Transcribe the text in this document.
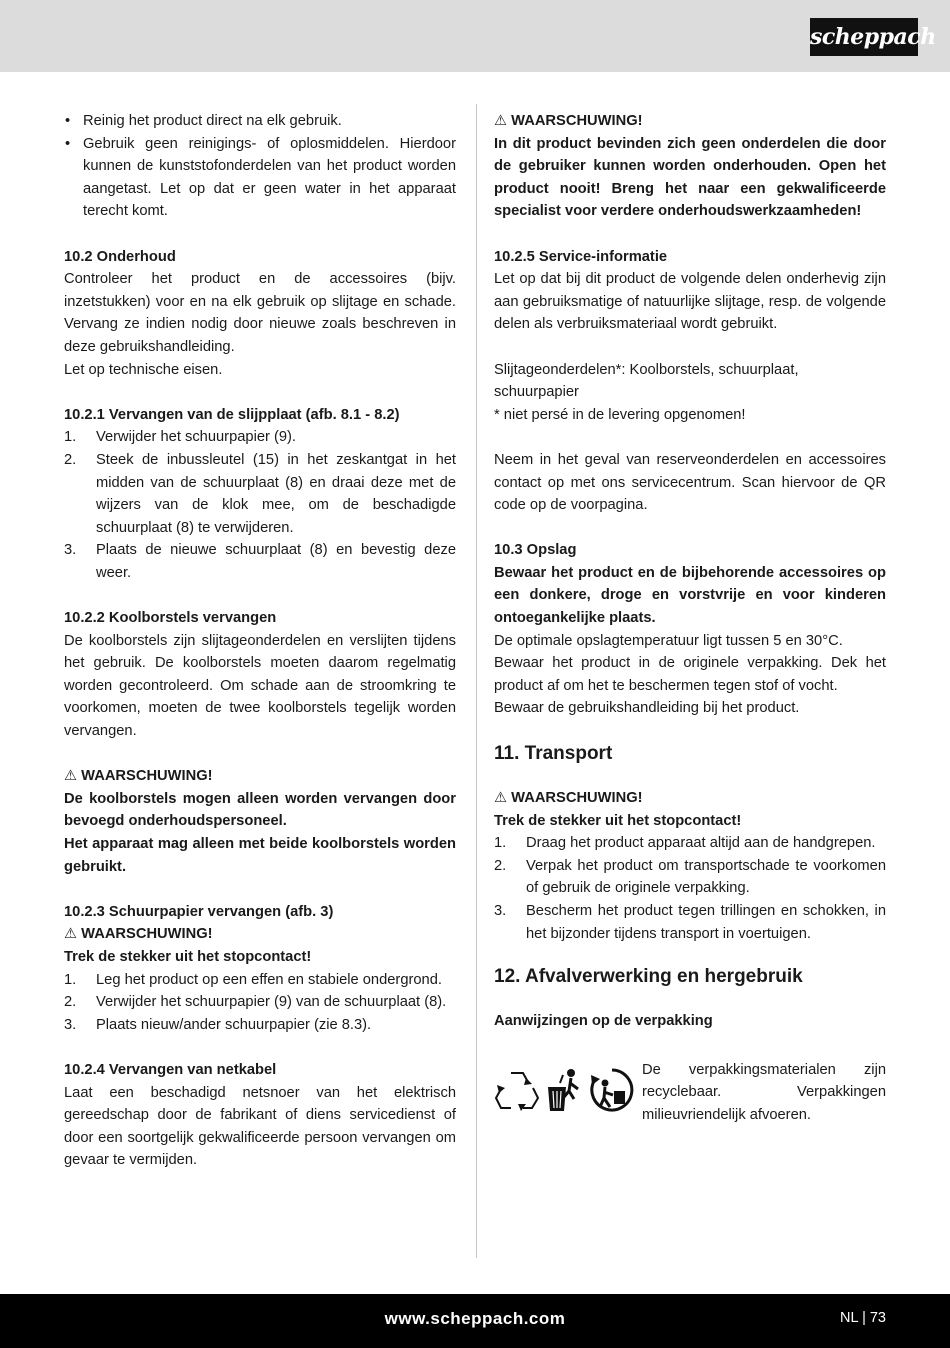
scheppach
• Reinig het product direct na elk gebruik.
• Gebruik geen reinigings- of oplosmiddelen. Hierdoor kunnen de kunststofonderdelen van het product worden aangetast. Let op dat er geen water in het apparaat terecht komt.

10.2 Onderhoud

Controleer het product en de accessoires (bijv. inzetstukken) voor en na elk gebruik op slijtage en schade. Vervang ze indien nodig door nieuwe zoals beschreven in deze gebruikshandleiding.

Let op technische eisen.

10.2.1 Vervangen van de slijpplaat (afb. 8.1 - 8.2)

1. Verwijder het schuurpapier (9).
2. Steek de inbussleutel (15) in het zeskantgat in het midden van de schuurplaat (8) en draai deze met de wijzers van de klok mee, om de beschadigde schuurplaat (8) te verwijderen.
3. Plaats de nieuwe schuurplaat (8) en bevestig deze weer.

10.2.2 Koolborstels vervangen

De koolborstels zijn slijtageonderdelen en verslijten tijdens het gebruik. De koolborstels moeten daarom regelmatig worden gecontroleerd. Om schade aan de stroomkring te voorkomen, moeten de twee koolborstels tegelijk worden vervangen.

⚠ WAARSCHUWING!

De koolborstels mogen alleen worden vervangen door bevoegd onderhoudspersoneel.

Het apparaat mag alleen met beide koolborstels worden gebruikt.

10.2.3 Schuurpapier vervangen (afb. 3)

⚠ WAARSCHUWING!

Trek de stekker uit het stopcontact!

1. Leg het product op een effen en stabiele ondergrond.
2. Verwijder het schuurpapier (9) van de schuurplaat (8).
3. Plaats nieuw/ander schuurpapier (zie 8.3).

10.2.4 Vervangen van netkabel

Laat een beschadigd netsnoer van het elektrisch gereedschap door de fabrikant of diens servicedienst of door een soortgelijk gekwalificeerde persoon vervangen om gevaar te vermijden.

⚠ WAARSCHUWING!

In dit product bevinden zich geen onderdelen die door de gebruiker kunnen worden onderhouden. Open het product nooit! Breng het naar een gekwalificeerde specialist voor verdere onderhoudswerkzaamheden!

10.2.5 Service-informatie

Let op dat bij dit product de volgende delen onderhevig zijn aan gebruiksmatige of natuurlijke slijtage, resp. de volgende delen als verbruiksmateriaal wordt gebruikt.

Slijtageonderdelen*: Koolborstels, schuurplaat, schuurpapier

* niet persé in de levering opgenomen!

Neem in het geval van reserveonderdelen en accessoires contact op met ons servicecentrum. Scan hiervoor de QR code op de voorpagina.

10.3 Opslag

Bewaar het product en de bijbehorende accessoires op een donkere, droge en vorstvrije en voor kinderen ontoegankelijke plaats.

De optimale opslagtemperatuur ligt tussen 5 en 30°C.

Bewaar het product in de originele verpakking. Dek het product af om het te beschermen tegen stof of vocht.

Bewaar de gebruikshandleiding bij het product.

11. Transport

⚠ WAARSCHUWING!

Trek de stekker uit het stopcontact!

1. Draag het product apparaat altijd aan de handgrepen.
2. Verpak het product om transportschade te voorkomen of gebruik de originele verpakking.
3. Bescherm het product tegen trillingen en schokken, in het bijzonder tijdens transport in voertuigen.

12. Afvalverwerking en hergebruik

Aanwijzingen op de verpakking

De verpakkingsmaterialen zijn recyclebaar. Verpakkingen milieuvriendelijk afvoeren.

www.scheppach.com	NL | 73
